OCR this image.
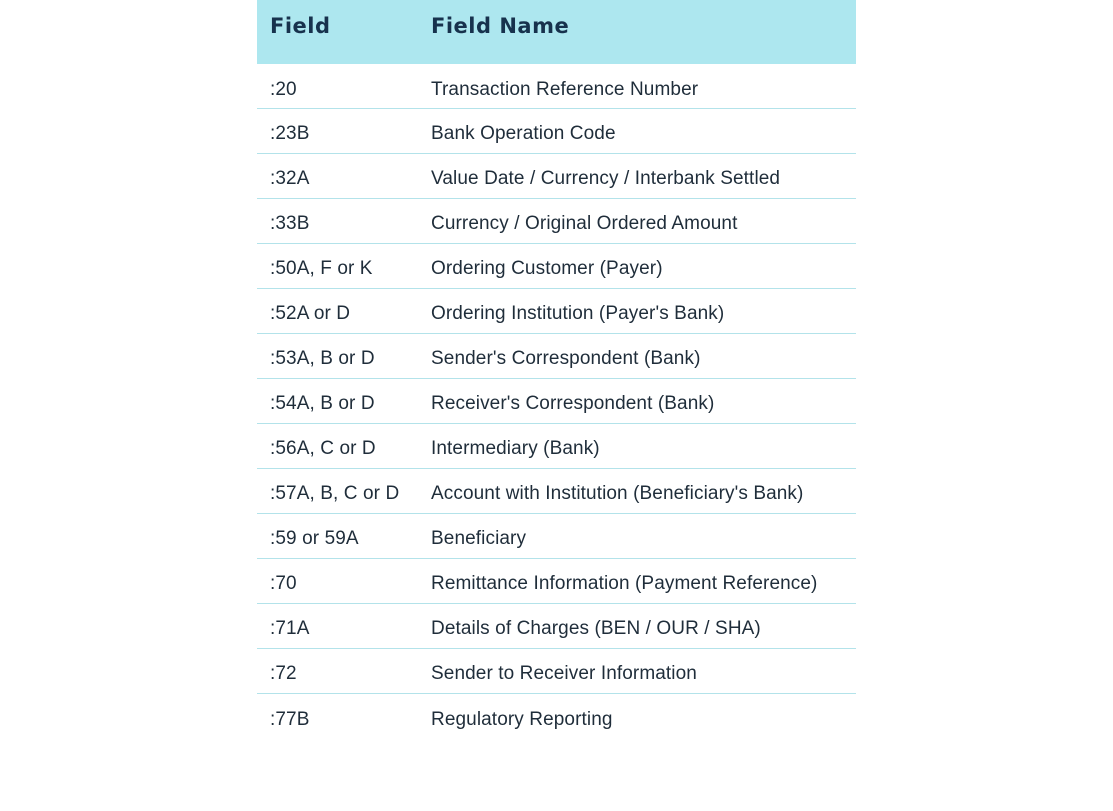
Field	Field Name
:20	Transaction Reference Number
:23B	Bank Operation Code
:32A	Value Date / Currency / Interbank Settled
:33B	Currency / Original Ordered Amount
:50A, F or K	Ordering Customer (Payer)
:52A or D	Ordering Institution (Payer's Bank)
:53A, B or D	Sender's Correspondent (Bank)
:54A, B or D	Receiver's Correspondent (Bank)
:56A, C or D	Intermediary (Bank)
:57A, B, C or D	Account with Institution (Beneficiary's Bank)
:59 or 59A	Beneficiary
:70	Remittance Information (Payment Reference)
:71A	Details of Charges (BEN / OUR / SHA)
:72	Sender to Receiver Information
:77B	Regulatory Reporting
